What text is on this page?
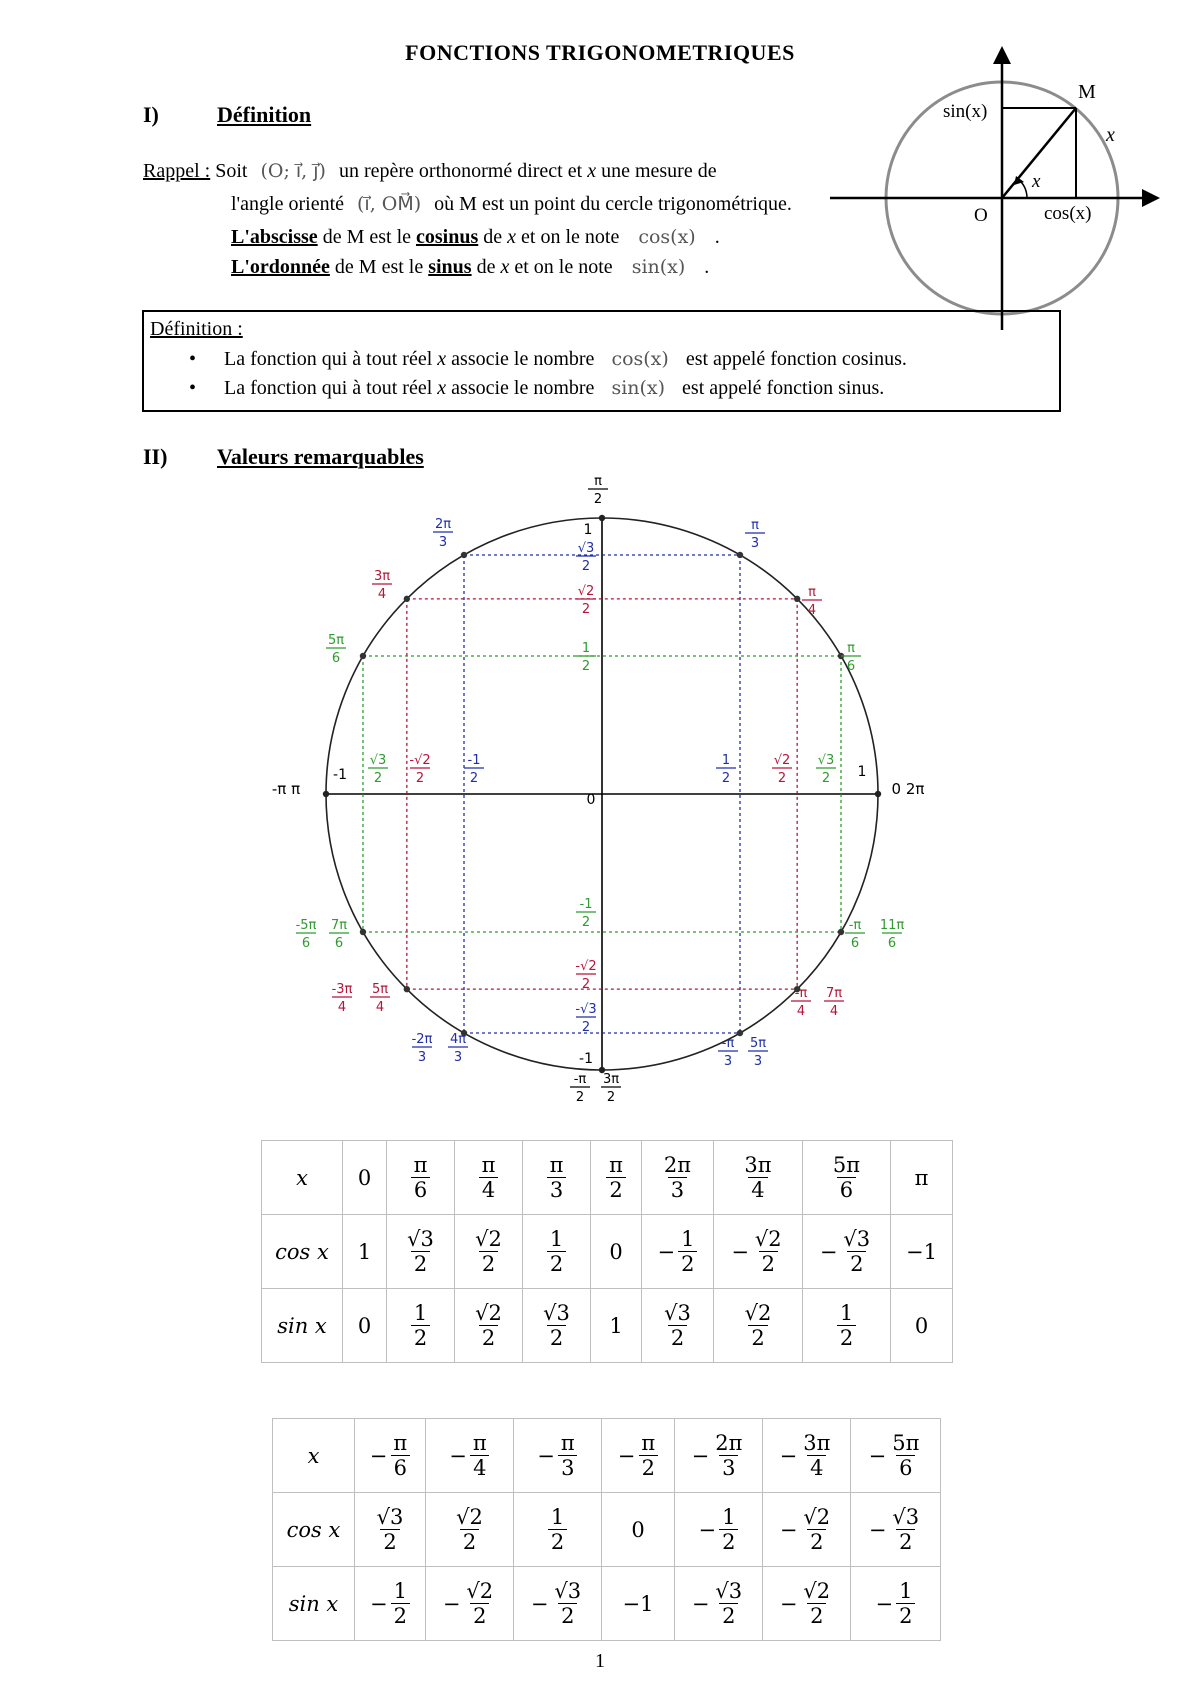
FONCTIONS TRIGONOMETRIQUES
I)	Définition
Rappel : Soit (O; i⃗, j⃗) un repère orthonormé direct et x une mesure de
l'angle orienté (i⃗, OM⃗) où M est un point du cercle trigonométrique.
L'abscisse de M est le cosinus de x et on le note cos(x) .
L'ordonnée de M est le sinus de x et on le note sin(x) .
M
sin(x)
cos(x)
O
x
x
Définition :
• La fonction qui à tout réel x associe le nombre cos(x) est appelé fonction cosinus.
• La fonction qui à tout réel x associe le nombre sin(x) est appelé fonction sinus.
II) Valeurs remarquables
π
2
π
3
π
4
π
6
2π
3
3π
4
5π
6
-5π
6
7π
6
-π
6
11π
6
-3π
4
5π
4
-π
4
7π
4
-2π
3
4π
3
-π
3
5π
3
-π
2
3π
2
0 2π
-π π
0
1
-1
1
-1
√3
2
√2
2
1
2
-1
2
-√2
2
-√3
2
√3
2
-√2
2
-1
2
1
2
√2
2
√3
2
x	0	$\frac{\pi}{6}$	$\frac{\pi}{4}$	$\frac{\pi}{3}$	$\frac{\pi}{2}$	$\frac{2\pi}{3}$	$\frac{3\pi}{4}$	$\frac{5\pi}{6}$	π
cos x	1	$\frac{√3}{2}$	$\frac{√2}{2}$	$\frac{1}{2}$	0	− $\frac{1}{2}$	− $\frac{√2}{2}$	− $\frac{√3}{2}$	−1
sin x	0	$\frac{1}{2}$	$\frac{√2}{2}$	$\frac{√3}{2}$	1	$\frac{√3}{2}$	$\frac{√2}{2}$	$\frac{1}{2}$	0
x	− $\frac{\pi}{6}$	− $\frac{\pi}{4}$	− $\frac{\pi}{3}$	− $\frac{\pi}{2}$	− $\frac{2\pi}{3}$	− $\frac{3\pi}{4}$	− $\frac{5\pi}{6}$

cos x	$\frac{√3}{2}$	$\frac{√2}{2}$	$\frac{1}{2}$	0	− $\frac{1}{2}$	− $\frac{√2}{2}$	− $\frac{√3}{2}$

sin x	− $\frac{1}{2}$	− $\frac{√2}{2}$	− $\frac{√3}{2}$	−1	− $\frac{√3}{2}$	− $\frac{√2}{2}$	− $\frac{1}{2}$
1
